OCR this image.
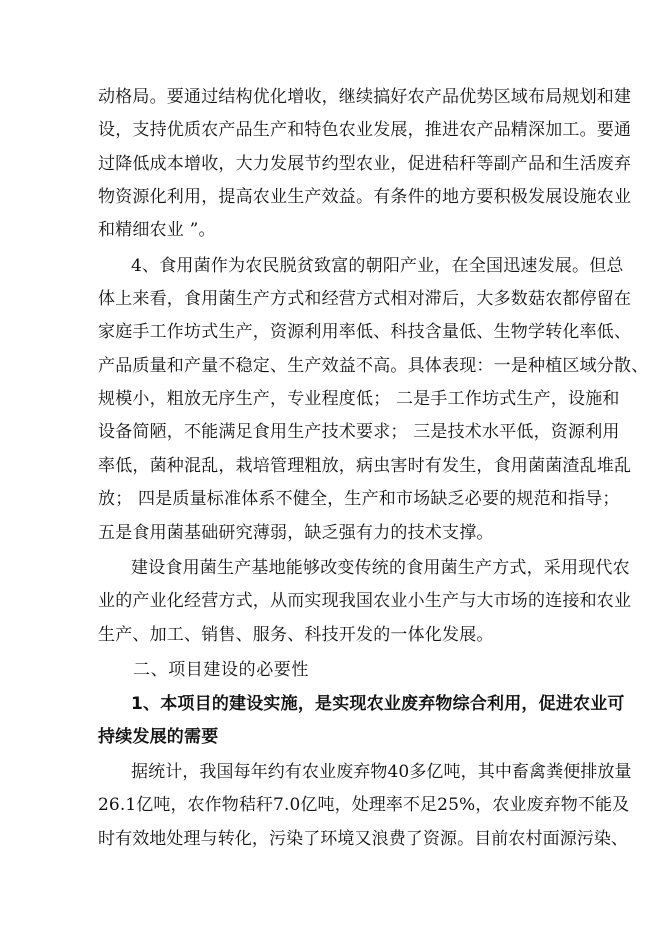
动格局。要通过结构优化增收，继续搞好农产品优势区域布局规划和建
设，支持优质农产品生产和特色农业发展，推进农产品精深加工。要通
过降低成本增收，大力发展节约型农业，促进秸秆等副产品和生活废弃
物资源化利用，提高农业生产效益。有条件的地方要积极发展设施农业
和精细农业 ”。
4、食用菌作为农民脱贫致富的朝阳产业，在全国迅速发展。但总
体上来看，食用菌生产方式和经营方式相对滞后，大多数菇农都停留在
家庭手工作坊式生产，资源利用率低、科技含量低、生物学转化率低、
产品质量和产量不稳定、生产效益不高。具体表现：一是种植区域分散、
规模小，粗放无序生产，专业程度低； 二是手工作坊式生产，设施和
设备简陋，不能满足食用生产技术要求； 三是技术水平低，资源利用
率低，菌种混乱，栽培管理粗放，病虫害时有发生，食用菌菌渣乱堆乱
放； 四是质量标准体系不健全，生产和市场缺乏必要的规范和指导；
五是食用菌基础研究薄弱，缺乏强有力的技术支撑。
建设食用菌生产基地能够改变传统的食用菌生产方式，采用现代农
业的产业化经营方式，从而实现我国农业小生产与大市场的连接和农业
生产、加工、销售、服务、科技开发的一体化发展。
二、项目建设的必要性
1、本项目的建设实施，是实现农业废弃物综合利用，促进农业可
持续发展的需要
据统计，我国每年约有农业废弃物40多亿吨，其中畜禽粪便排放量
26.1亿吨，农作物秸秆7.0亿吨，处理率不足25%，农业废弃物不能及
时有效地处理与转化，污染了环境又浪费了资源。目前农村面源污染、
